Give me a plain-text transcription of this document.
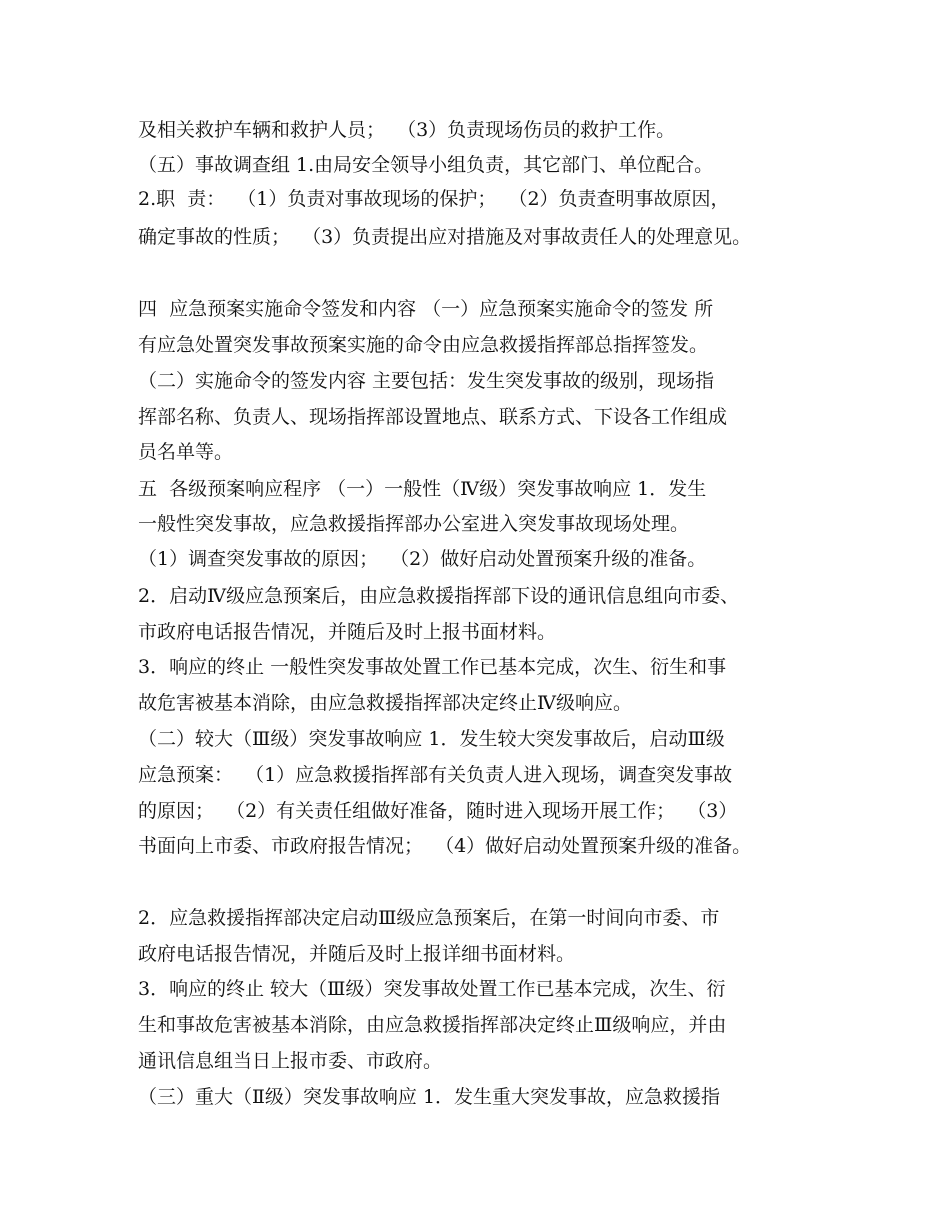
及相关救护车辆和救护人员；  （3）负责现场伤员的救护工作。

（五）事故调查组 1.由局安全领导小组负责，其它部门、单位配合。

2.职  责：  （1）负责对事故现场的保护；  （2）负责查明事故原因，

确定事故的性质；  （3）负责提出应对措施及对事故责任人的处理意见。

四  应急预案实施命令签发和内容 （一）应急预案实施命令的签发 所

有应急处置突发事故预案实施的命令由应急救援指挥部总指挥签发。

（二）实施命令的签发内容 主要包括：发生突发事故的级别，现场指

挥部名称、负责人、现场指挥部设置地点、联系方式、下设各工作组成

员名单等。

五  各级预案响应程序 （一）一般性（Ⅳ级）突发事故响应 1．发生

一般性突发事故，应急救援指挥部办公室进入突发事故现场处理。

（1）调查突发事故的原因；  （2）做好启动处置预案升级的准备。

2．启动Ⅳ级应急预案后，由应急救援指挥部下设的通讯信息组向市委、

市政府电话报告情况，并随后及时上报书面材料。

3．响应的终止 一般性突发事故处置工作已基本完成，次生、衍生和事

故危害被基本消除，由应急救援指挥部决定终止Ⅳ级响应。

（二）较大（Ⅲ级）突发事故响应 1．发生较大突发事故后，启动Ⅲ级

应急预案：  （1）应急救援指挥部有关负责人进入现场，调查突发事故

的原因；  （2）有关责任组做好准备，随时进入现场开展工作；  （3）

书面向上市委、市政府报告情况；  （4）做好启动处置预案升级的准备。

2．应急救援指挥部决定启动Ⅲ级应急预案后，在第一时间向市委、市

政府电话报告情况，并随后及时上报详细书面材料。

3．响应的终止 较大（Ⅲ级）突发事故处置工作已基本完成，次生、衍

生和事故危害被基本消除，由应急救援指挥部决定终止Ⅲ级响应，并由

通讯信息组当日上报市委、市政府。

（三）重大（Ⅱ级）突发事故响应 1．发生重大突发事故，应急救援指
